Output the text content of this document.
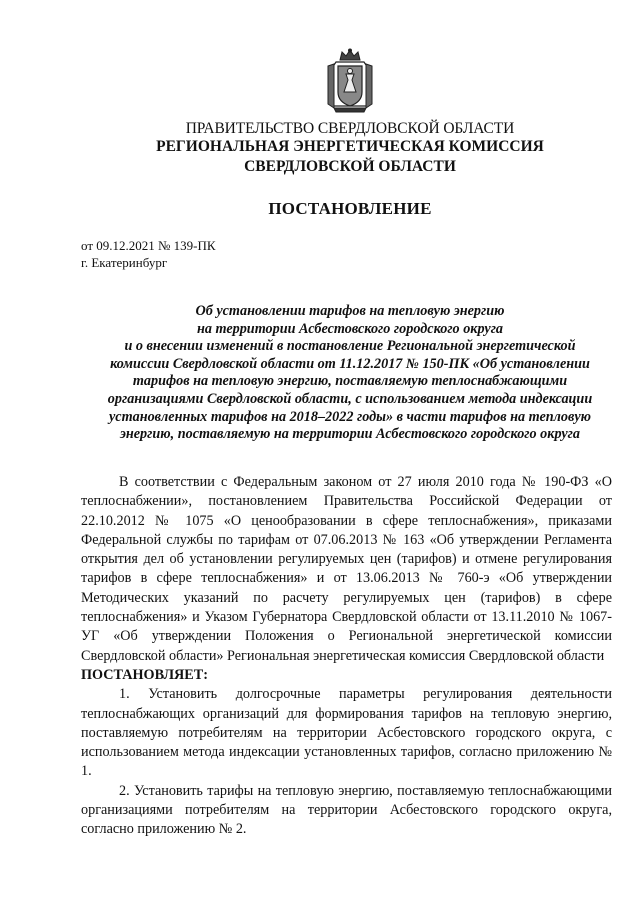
ПРАВИТЕЛЬСТВО СВЕРДЛОВСКОЙ ОБЛАСТИ
РЕГИОНАЛЬНАЯ ЭНЕРГЕТИЧЕСКАЯ КОМИССИЯ
СВЕРДЛОВСКОЙ ОБЛАСТИ
ПОСТАНОВЛЕНИЕ
от 09.12.2021 № 139-ПК
г. Екатеринбург
Об установлении тарифов на тепловую энергию
на территории Асбестовского городского округа
и о внесении изменений в постановление Региональной энергетической
комиссии Свердловской области от 11.12.2017 № 150-ПК «Об установлении
тарифов на тепловую энергию, поставляемую теплоснабжающими
организациями Свердловской области, с использованием метода индексации
установленных тарифов на 2018–2022 годы» в части тарифов на тепловую
энергию, поставляемую на территории Асбестовского городского округа

В соответствии с Федеральным законом от 27 июля 2010 года № 190-ФЗ «О теплоснабжении», постановлением Правительства Российской Федерации от 22.10.2012 № 1075 «О ценообразовании в сфере теплоснабжения», приказами Федеральной службы по тарифам от 07.06.2013 № 163 «Об утверждении Регламента открытия дел об установлении регулируемых цен (тарифов) и отмене регулирования тарифов в сфере теплоснабжения» и от 13.06.2013 № 760-э «Об утверждении Методических указаний по расчету регулируемых цен (тарифов) в сфере теплоснабжения» и Указом Губернатора Свердловской области от 13.11.2010 № 1067-УГ «Об утверждении Положения о Региональной энергетической комиссии Свердловской области» Региональная энергетическая комиссия Свердловской области

ПОСТАНОВЛЯЕТ:

1. Установить долгосрочные параметры регулирования деятельности теплоснабжающих организаций для формирования тарифов на тепловую энергию, поставляемую потребителям на территории Асбестовского городского округа, с использованием метода индексации установленных тарифов, согласно приложению № 1.

2. Установить тарифы на тепловую энергию, поставляемую теплоснабжающими организациями потребителям на территории Асбестовского городского округа, согласно приложению № 2.
